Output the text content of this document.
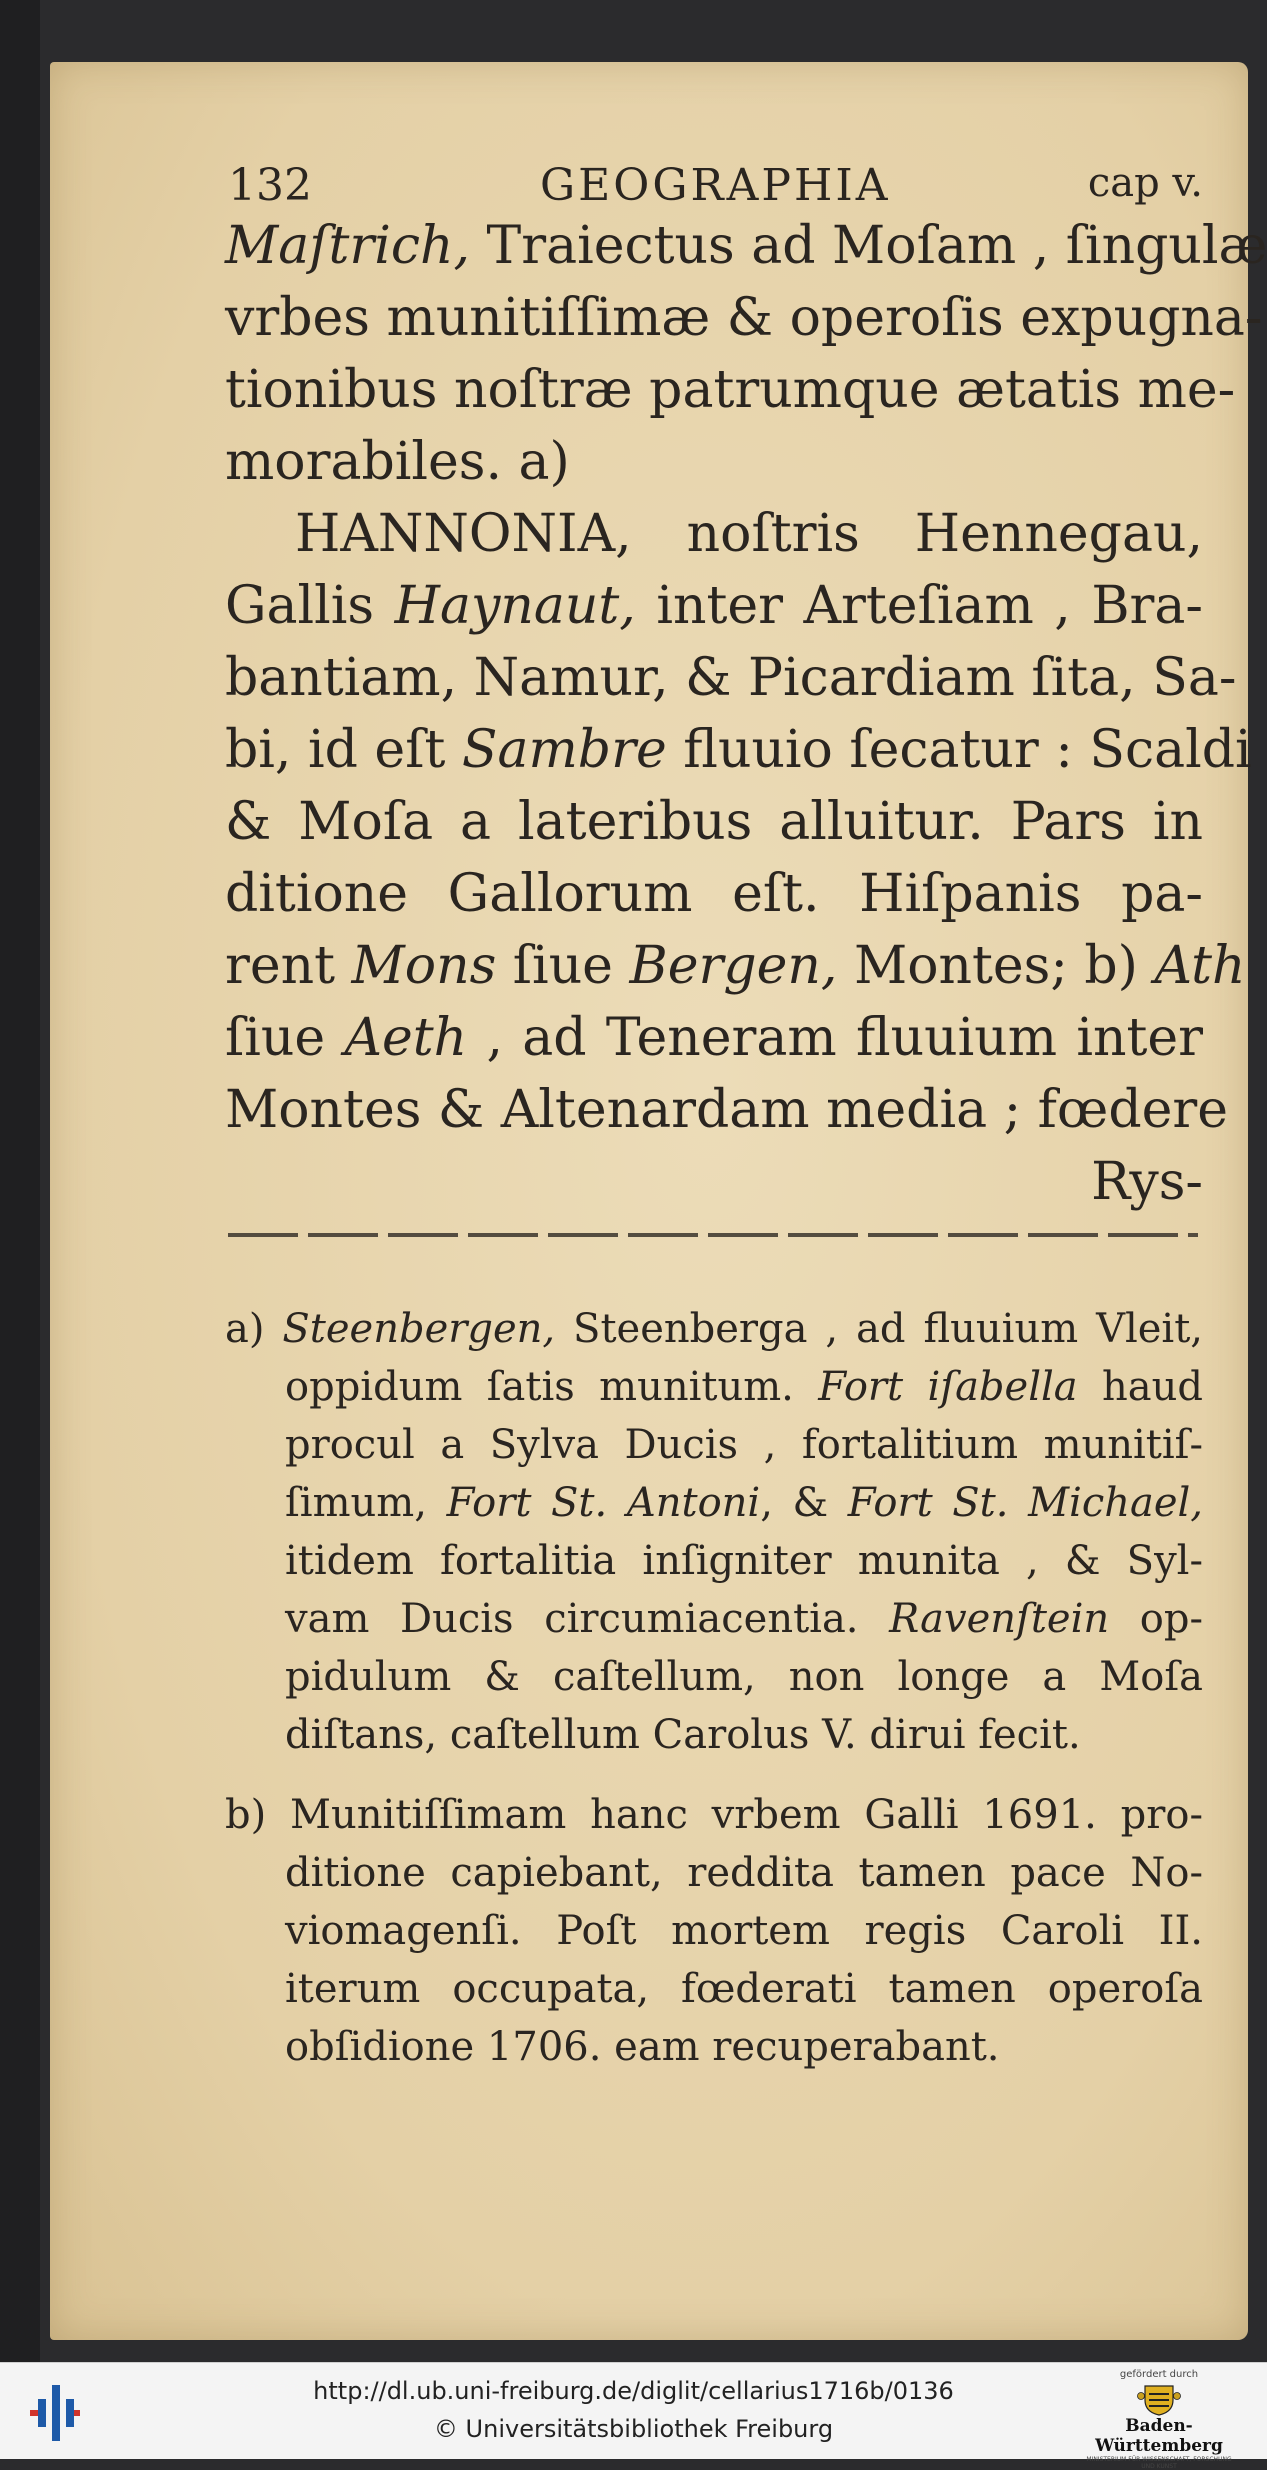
132	GEOGRAPHIA	cap v.
Maſtrich, Traiectus ad Moſam , ſingulæ
vrbes munitiſſimæ & operoſis expugna-
tionibus noſtræ patrumque ætatis me-
morabiles. a)
HANNONIA, noſtris Hennegau,
Gallis Haynaut, inter Arteſiam , Bra-
bantiam, Namur, & Picardiam ſita, Sa-
bi, id eſt Sambre fluuio ſecatur : Scaldi
& Moſa a lateribus alluitur. Pars in
ditione Gallorum eſt. Hiſpanis pa-
rent Mons ſiue Bergen, Montes; b) Ath
ſiue Aeth , ad Teneram fluuium inter
Montes & Altenardam media ; fœdere
Rys-
a) Steenbergen, Steenberga , ad fluuium Vleit,
oppidum ſatis munitum. Fort iſabella haud
procul a Sylva Ducis , fortalitium munitiſ-
ſimum, Fort St. Antoni, & Fort St. Michael,
itidem fortalitia inſigniter munita , & Syl-
vam Ducis circumiacentia. Ravenſtein op-
pidulum & caſtellum, non longe a Moſa
diſtans, caſtellum Carolus V. dirui fecit.
b) Munitiſſimam hanc vrbem Galli 1691. pro-
ditione capiebant, reddita tamen pace No-
viomagenſi. Poſt mortem regis Caroli II.
iterum occupata, fœderati tamen operoſa
obſidione 1706. eam recuperabant.
http://dl.ub.uni-freiburg.de/diglit/cellarius1716b/0136
© Universitätsbibliothek Freiburg
gefördert durch
Baden-Württemberg
MINISTERIUM FÜR WISSENSCHAFT, FORSCHUNG UND KUNST
